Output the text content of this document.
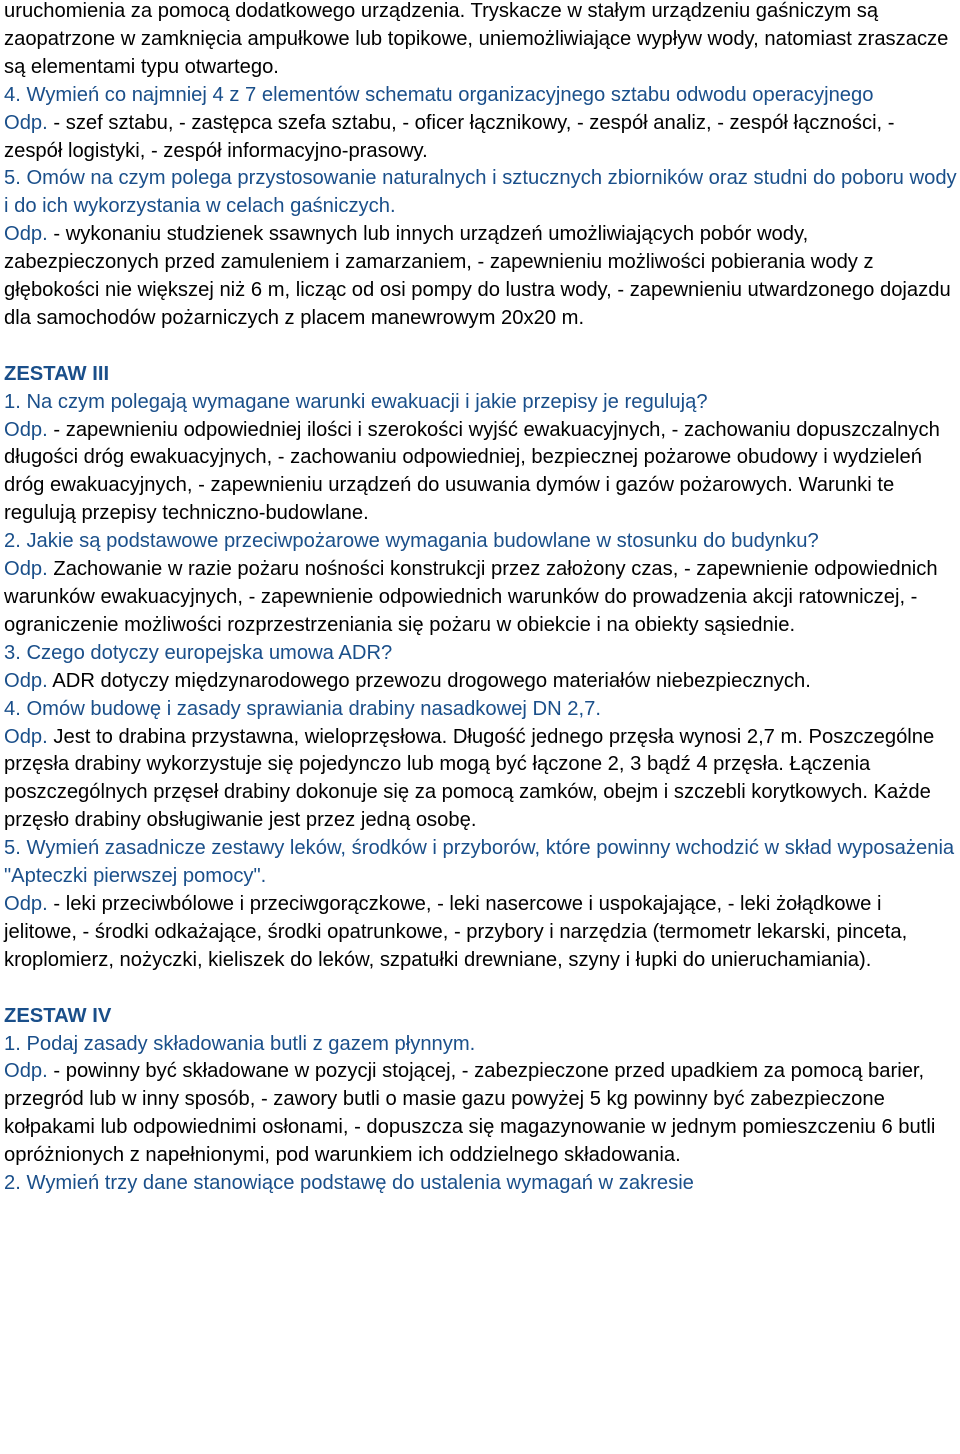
uruchomienia za pomocą dodatkowego urządzenia. Tryskacze w stałym urządzeniu gaśniczym są zaopatrzone w zamknięcia ampułkowe lub topikowe, uniemożliwiające wypływ wody, natomiast zraszacze są elementami typu otwartego.

4. Wymień co najmniej 4 z 7 elementów schematu organizacyjnego sztabu odwodu operacyjnego

Odp. - szef sztabu, - zastępca szefa sztabu, - oficer łącznikowy, - zespół analiz, - zespół łączności, - zespół logistyki, - zespół informacyjno-prasowy.

5. Omów na czym polega przystosowanie naturalnych i sztucznych zbiorników oraz studni do poboru wody i do ich wykorzystania w celach gaśniczych.

Odp. - wykonaniu studzienek ssawnych lub innych urządzeń umożliwiających pobór wody, zabezpieczonych przed zamuleniem i zamarzaniem, - zapewnieniu możliwości pobierania wody z głębokości nie większej niż 6 m, licząc od osi pompy do lustra wody, - zapewnieniu utwardzonego dojazdu dla samochodów pożarniczych z placem manewrowym 20x20 m.

ZESTAW III

1. Na czym polegają wymagane warunki ewakuacji i jakie przepisy je regulują?

Odp. - zapewnieniu odpowiedniej ilości i szerokości wyjść ewakuacyjnych, - zachowaniu dopuszczalnych długości dróg ewakuacyjnych, - zachowaniu odpowiedniej, bezpiecznej pożarowe obudowy i wydzieleń dróg ewakuacyjnych, - zapewnieniu urządzeń do usuwania dymów i gazów pożarowych. Warunki te regulują przepisy techniczno-budowlane.

2. Jakie są podstawowe przeciwpożarowe wymagania budowlane w stosunku do budynku?

Odp. Zachowanie w razie pożaru nośności konstrukcji przez założony czas, - zapewnienie odpowiednich warunków ewakuacyjnych, - zapewnienie odpowiednich warunków do prowadzenia akcji ratowniczej, - ograniczenie możliwości rozprzestrzeniania się pożaru w obiekcie i na obiekty sąsiednie.

3. Czego dotyczy europejska umowa ADR?

Odp. ADR dotyczy międzynarodowego przewozu drogowego materiałów niebezpiecznych.

4. Omów budowę i zasady sprawiania drabiny nasadkowej DN 2,7.

Odp. Jest to drabina przystawna, wieloprzęsłowa. Długość jednego przęsła wynosi 2,7 m. Poszczególne przęsła drabiny wykorzystuje się pojedynczo lub mogą być łączone 2, 3 bądź 4 przęsła. Łączenia poszczególnych przęseł drabiny dokonuje się za pomocą zamków, obejm i szczebli korytkowych. Każde przęsło drabiny obsługiwanie jest przez jedną osobę.

5. Wymień zasadnicze zestawy leków, środków i przyborów, które powinny wchodzić w skład wyposażenia "Apteczki pierwszej pomocy".

Odp. - leki przeciwbólowe i przeciwgorączkowe, - leki nasercowe i uspokajające, - leki żołądkowe i jelitowe, - środki odkażające, środki opatrunkowe, - przybory i narzędzia (termometr lekarski, pinceta, kroplomierz, nożyczki, kieliszek do leków, szpatułki drewniane, szyny i łupki do unieruchamiania).

ZESTAW IV

1. Podaj zasady składowania butli z gazem płynnym.

Odp. - powinny być składowane w pozycji stojącej, - zabezpieczone przed upadkiem za pomocą barier, przegród lub w inny sposób, - zawory butli o masie gazu powyżej 5 kg powinny być zabezpieczone kołpakami lub odpowiednimi osłonami, - dopuszcza się magazynowanie w jednym pomieszczeniu 6 butli opróżnionych z napełnionymi, pod warunkiem ich oddzielnego składowania.

2. Wymień trzy dane stanowiące podstawę do ustalenia wymagań w zakresie
